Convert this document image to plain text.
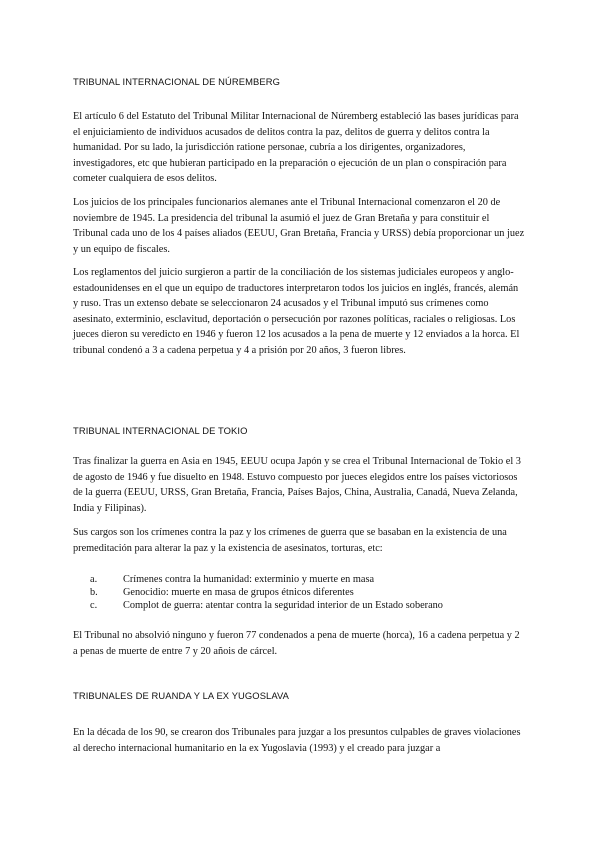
TRIBUNAL INTERNACIONAL DE NÚREMBERG

El artículo 6 del Estatuto del Tribunal Militar Internacional de Núremberg estableció las bases jurídicas para el enjuiciamiento de individuos acusados de delitos contra la paz, delitos de guerra y delitos contra la humanidad. Por su lado, la jurisdicción ratione personae, cubría a los dirigentes, organizadores, investigadores, etc que hubieran participado en la preparación o ejecución de un plan o conspiración para cometer cualquiera de esos delitos.

Los juicios de los principales funcionarios alemanes ante el Tribunal Internacional comenzaron el 20 de noviembre de 1945. La presidencia del tribunal la asumió el juez de Gran Bretaña y para constituir el Tribunal cada uno de los 4 países aliados (EEUU, Gran Bretaña, Francia y URSS) debía proporcionar un juez y un equipo de fiscales.

Los reglamentos del juicio surgieron a partir de la conciliación de los sistemas judiciales europeos y anglo-estadounidenses en el que un equipo de traductores interpretaron todos los juicios en inglés, francés, alemán y ruso. Tras un extenso debate se seleccionaron 24 acusados y el Tribunal imputó sus crímenes como asesinato, exterminio, esclavitud, deportación o persecución por razones políticas, raciales o religiosas. Los jueces dieron su veredicto en 1946 y fueron 12 los acusados a la pena de muerte y 12 enviados a la horca. El tribunal condenó a 3 a cadena perpetua y 4 a prisión por 20 años, 3 fueron libres.

TRIBUNAL INTERNACIONAL DE TOKIO

Tras finalizar la guerra en Asia en 1945, EEUU ocupa Japón y se crea el Tribunal Internacional de Tokio el 3 de agosto de 1946 y fue disuelto en 1948. Estuvo compuesto por jueces elegidos entre los países victoriosos de la guerra (EEUU, URSS, Gran Bretaña, Francia, Países Bajos, China, Australia, Canadá, Nueva Zelanda, India y Filipinas).

Sus cargos son los crímenes contra la paz y los crímenes de guerra que se basaban en la existencia de una premeditación para alterar la paz y la existencia de asesinatos, torturas, etc:

a.	Crímenes contra la humanidad: exterminio y muerte en masa
b. Genocidio: muerte en masa de grupos étnicos diferentes
c.	Complot de guerra: atentar contra la seguridad interior de un Estado soberano

El Tribunal no absolvió ninguno y fueron 77 condenados a pena de muerte (horca), 16 a cadena perpetua y 2 a penas de muerte de entre 7 y 20 añois de cárcel.

TRIBUNALES DE RUANDA Y LA EX YUGOSLAVA

En la década de los 90, se crearon dos Tribunales para juzgar a los presuntos culpables de graves violaciones al derecho internacional humanitario en la ex Yugoslavia (1993) y el creado para juzgar a
